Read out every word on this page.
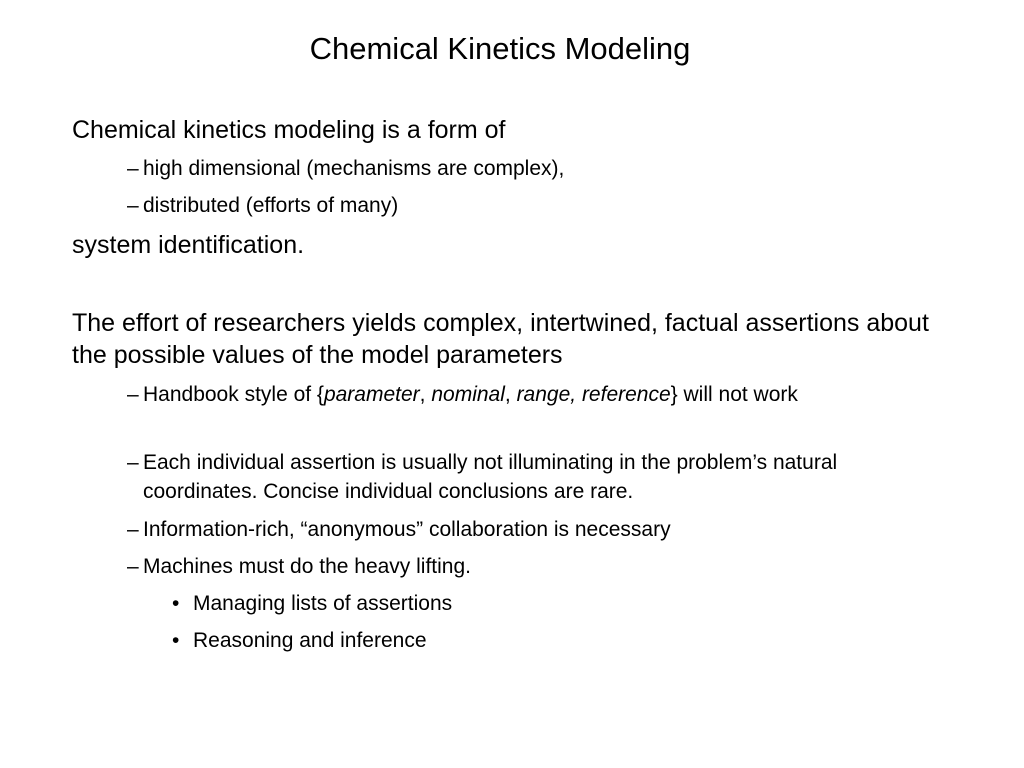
Chemical Kinetics Modeling
Chemical kinetics modeling is a form of
– high dimensional (mechanisms are complex),
– distributed (efforts of many)
system identification.
The effort of researchers yields complex, intertwined, factual assertions about the possible values of the model parameters
– Handbook style of {parameter, nominal, range, reference} will not work
– Each individual assertion is usually not illuminating in the problem’s natural coordinates. Concise individual conclusions are rare.
– Information-rich, “anonymous” collaboration is necessary
– Machines must do the heavy lifting.
• Managing lists of assertions
• Reasoning and inference
